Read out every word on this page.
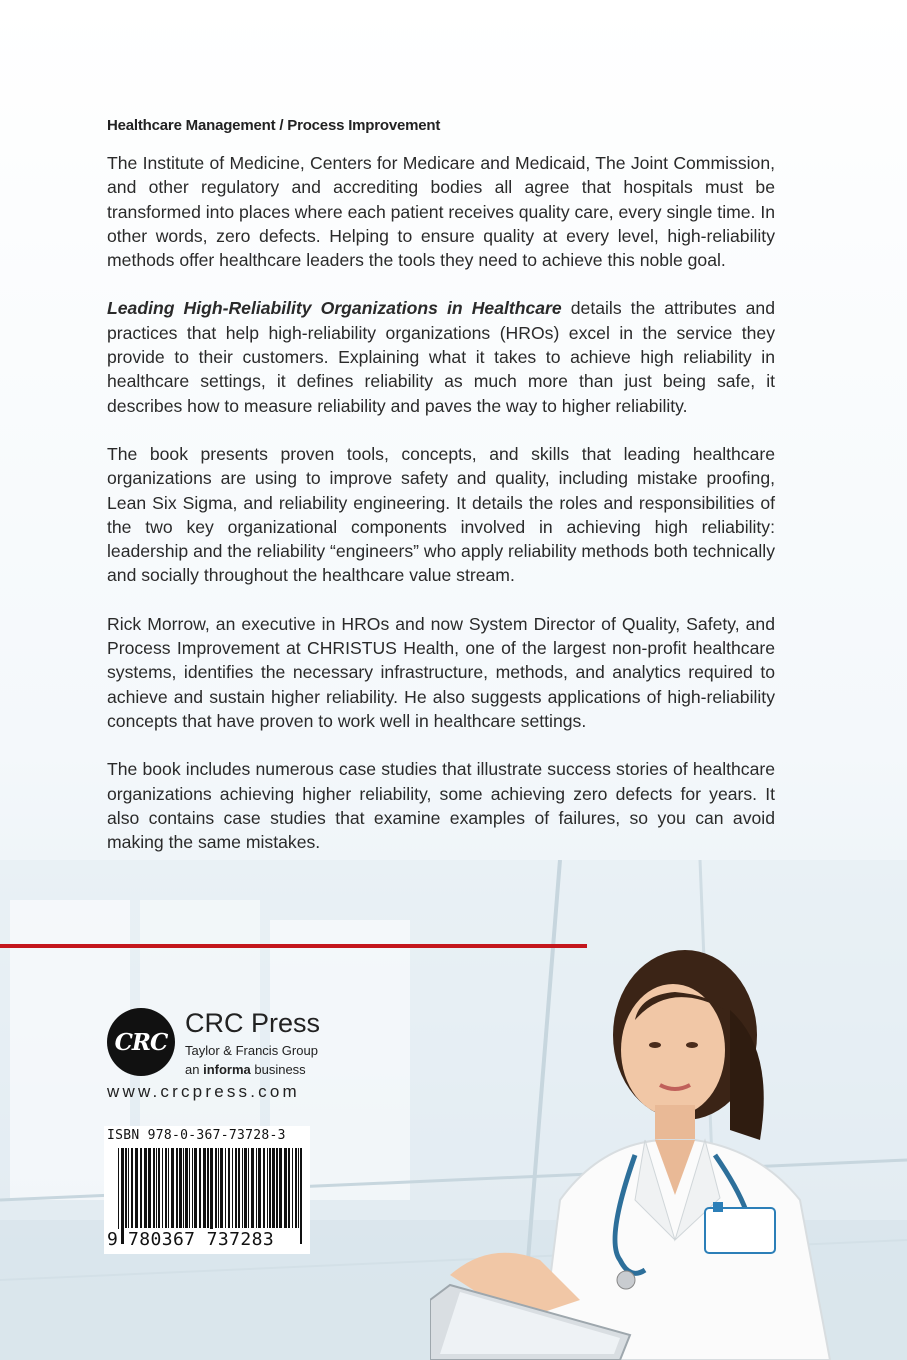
Healthcare Management / Process Improvement

The Institute of Medicine, Centers for Medicare and Medicaid, The Joint Commission, and other regulatory and accrediting bodies all agree that hospitals must be transformed into places where each patient receives quality care, every single time. In other words, zero defects. Helping to ensure quality at every level, high-reliability methods offer healthcare leaders the tools they need to achieve this noble goal.

Leading High-Reliability Organizations in Healthcare details the attributes and practices that help high-reliability organizations (HROs) excel in the service they provide to their customers. Explaining what it takes to achieve high reliability in healthcare settings, it defines reliability as much more than just being safe, it describes how to measure reliability and paves the way to higher reliability.

The book presents proven tools, concepts, and skills that leading healthcare organizations are using to improve safety and quality, including mistake proofing, Lean Six Sigma, and reliability engineering. It details the roles and responsibilities of the two key organizational components involved in achieving high reliability: leadership and the reliability “engineers” who apply reliability methods both technically and socially throughout the healthcare value stream.

Rick Morrow, an executive in HROs and now System Director of Quality, Safety, and Process Improvement at CHRISTUS Health, one of the largest non-profit healthcare systems, identifies the necessary infrastructure, methods, and analytics required to achieve and sustain higher reliability. He also suggests applications of high-reliability concepts that have proven to work well in healthcare settings.

The book includes numerous case studies that illustrate success stories of healthcare organizations achieving higher reliability, some achieving zero defects for years. It also contains case studies that examine examples of failures, so you can avoid making the same mistakes.

CRC
CRC Press
Taylor & Francis Group
an informa business
www.crcpress.com
ISBN 978-0-367-73728-3
9 780367 737283
